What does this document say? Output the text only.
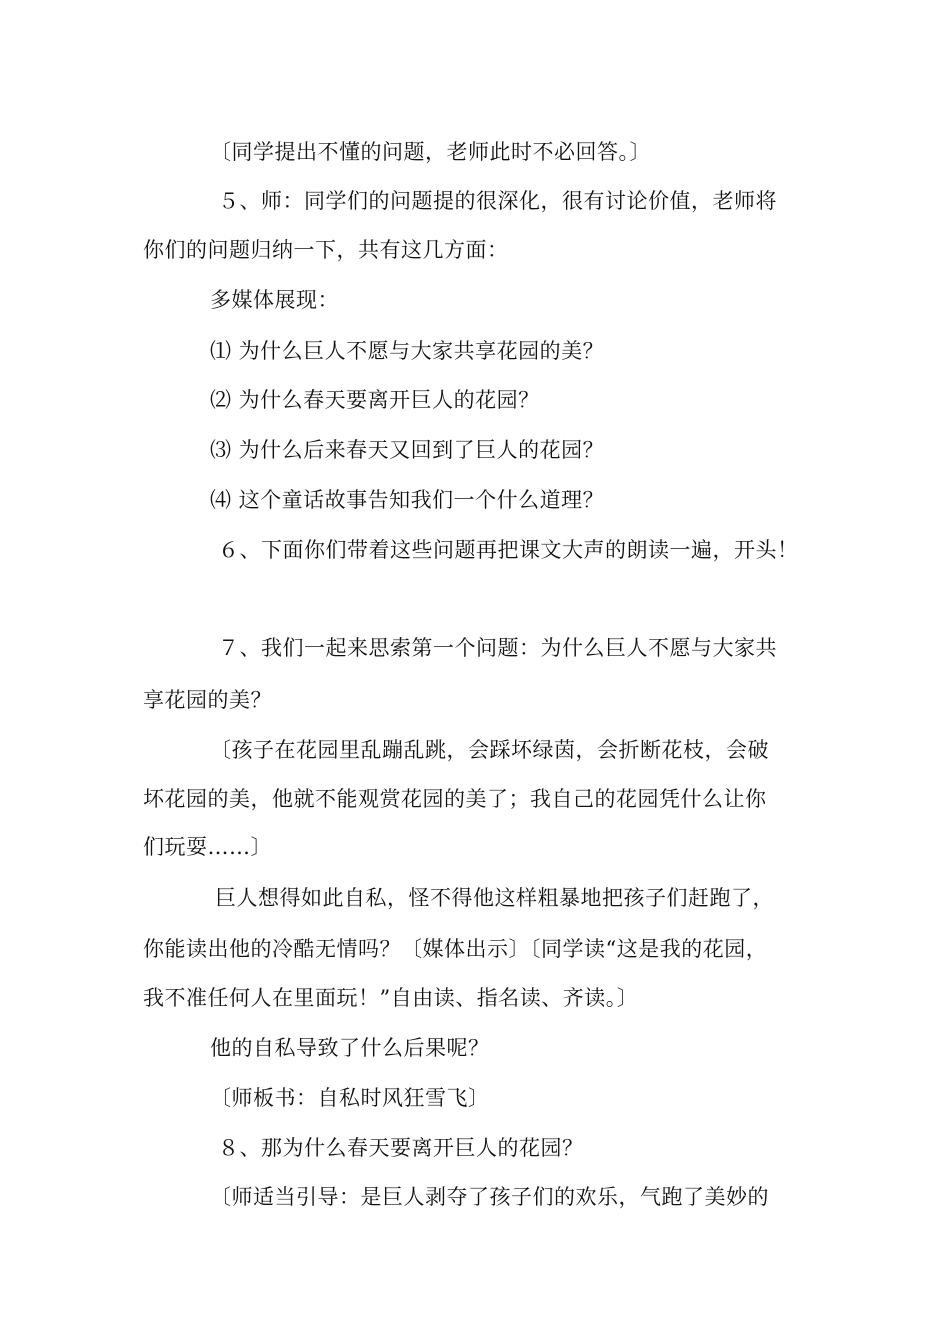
〔同学提出不懂的问题，老师此时不必回答。〕
５、师：同学们的问题提的很深化，很有讨论价值，老师将
你们的问题归纳一下，共有这几方面：
多媒体展现：
⑴ 为什么巨人不愿与大家共享花园的美？
⑵ 为什么春天要离开巨人的花园？
⑶ 为什么后来春天又回到了巨人的花园？
⑷ 这个童话故事告知我们一个什么道理？
６、下面你们带着这些问题再把课文大声的朗读一遍，开头！
７、我们一起来思索第一个问题：为什么巨人不愿与大家共
享花园的美？
〔孩子在花园里乱蹦乱跳，会踩坏绿茵，会折断花枝，会破
坏花园的美，他就不能观赏花园的美了；我自己的花园凭什么让你
们玩耍……〕
巨人想得如此自私，怪不得他这样粗暴地把孩子们赶跑了，
你能读出他的冷酷无情吗？〔媒体出示〕〔同学读“这是我的花园，
我不准任何人在里面玩！”自由读、指名读、齐读。〕
他的自私导致了什么后果呢？
〔师板书：自私时风狂雪飞〕
８、那为什么春天要离开巨人的花园？
〔师适当引导：是巨人剥夺了孩子们的欢乐，气跑了美妙的
